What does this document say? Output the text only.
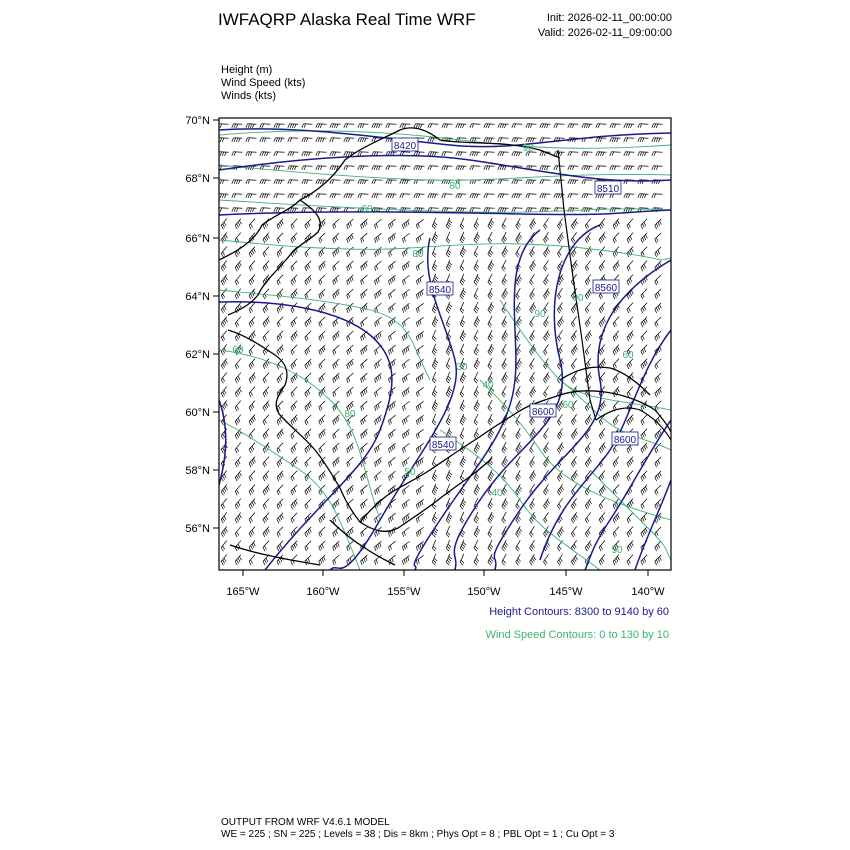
IWFAQRP Alaska Real Time WRF	Init: 2026-02-11_00:00:00
Valid: 2026-02-11_09:00:00
Height (m)
Wind Speed (kts)
Winds (kts)
70°N
68°N
66°N
64°N
62°N
60°N
58°N
56°N
165°W	160°W	155°W	150°W	145°W	140°W
8420
8510
8540	8560
8600
8540	8600
90
80
60
80
90
60
80
40
50
40
60
60
50
90
30
Height Contours: 8300 to 9140 by 60
Wind Speed Contours: 0 to 130 by 10
OUTPUT FROM WRF V4.6.1 MODEL
WE = 225 ; SN = 225 ; Levels = 38 ; Dis = 8km ; Phys Opt = 8 ; PBL Opt = 1 ; Cu Opt = 3
